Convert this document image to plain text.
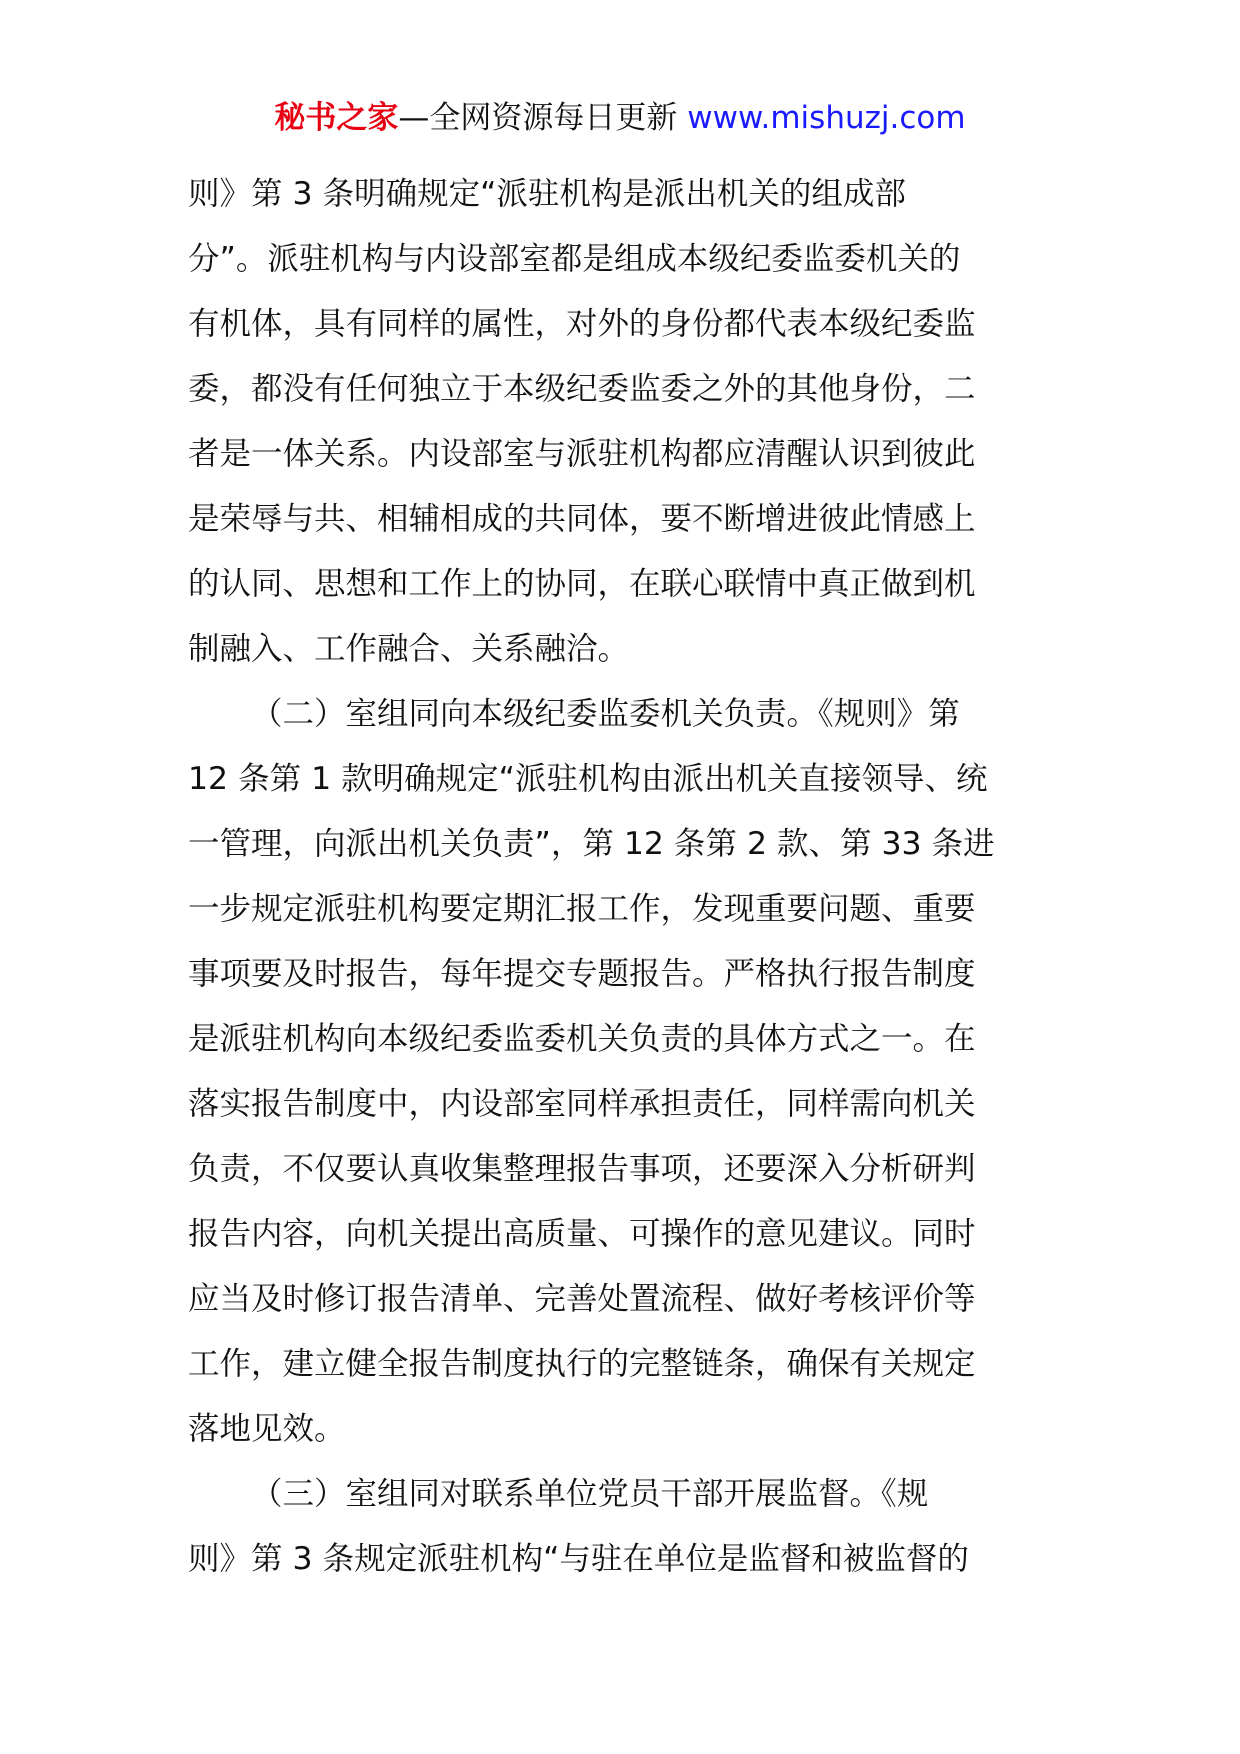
秘书之家—全网资源每日更新 www.mishuzj.com
则》第 3 条明确规定“派驻机构是派出机关的组成部
分”。派驻机构与内设部室都是组成本级纪委监委机关的
有机体，具有同样的属性，对外的身份都代表本级纪委监
委，都没有任何独立于本级纪委监委之外的其他身份，二
者是一体关系。内设部室与派驻机构都应清醒认识到彼此
是荣辱与共、相辅相成的共同体，要不断增进彼此情感上
的认同、思想和工作上的协同，在联心联情中真正做到机
制融入、工作融合、关系融洽。
（二）室组同向本级纪委监委机关负责。《规则》第
12 条第 1 款明确规定“派驻机构由派出机关直接领导、统
一管理，向派出机关负责”，第 12 条第 2 款、第 33 条进
一步规定派驻机构要定期汇报工作，发现重要问题、重要
事项要及时报告，每年提交专题报告。严格执行报告制度
是派驻机构向本级纪委监委机关负责的具体方式之一。在
落实报告制度中，内设部室同样承担责任，同样需向机关
负责，不仅要认真收集整理报告事项，还要深入分析研判
报告内容，向机关提出高质量、可操作的意见建议。同时
应当及时修订报告清单、完善处置流程、做好考核评价等
工作，建立健全报告制度执行的完整链条，确保有关规定
落地见效。
（三）室组同对联系单位党员干部开展监督。《规
则》第 3 条规定派驻机构“与驻在单位是监督和被监督的
